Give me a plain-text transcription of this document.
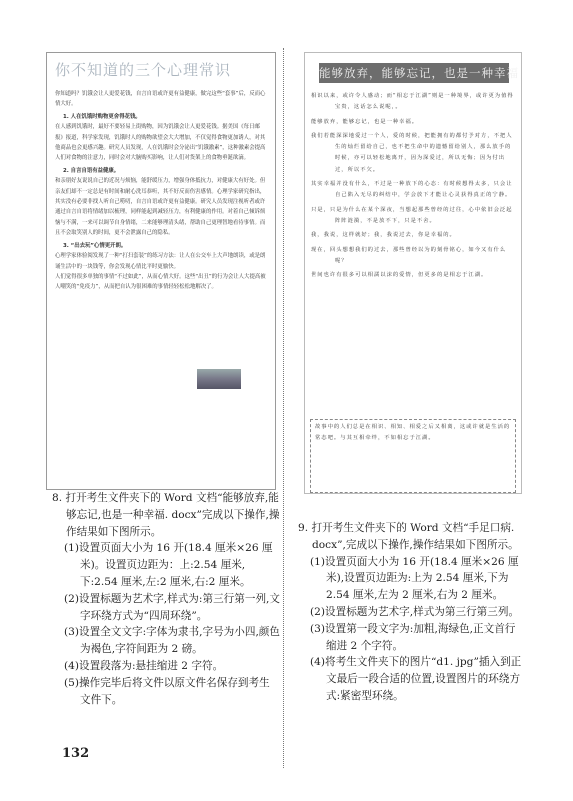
你不知道的三个心理常识
你知道吗？饥饿会让人更爱花钱，自言自语或许更有益健康，做完这些“套事”后，反而心情大好。
1. 人在饥饿时购物更舍得花钱。
在人感到饥饿时，最好不要轻易上街购物，因为饥饿会让人更爱花钱。据美国《每日邮报》报道，科学家发现，饥饿时人的购物欲望会大大增加，不仅觉得食物更加诱人，对其他商品也会更感兴趣。研究人员发现，人在饥饿时会分泌出“饥饿激素”，这种激素会提高人们对食物的注意力，同时会对大脑购买影响，让人们对货架上的食物垂涎欲滴。
2. 自言自语有益健康。
和亲朋好友说说自己的近况与烦恼，能舒缓压力，增强身体抵抗力，对健康大有好处。但亲友们却不一定总是有时间和耐心洗耳恭听，其不好反而伤害感情。心理学家研究指出，其实没有必要非找人听自己唠叨，自言自语或许更有益健康。研究人员发现注视听者或许通过自言自语将情绪加以梳理，同样能起到减轻压力，有利健康的作用。对着自己倾诉烦恼与不满，一来可以调节自身情绪，二来能够理清头绪，帮助自己更理智地看待事情。而且不会取笑别人的时间，更不会泄露自己的隐私。
3. “出去玩”心情更开朗。
心理学家体验阅发现了一种“打扫套装”的练习方法：让人在公交车上大声地朗读，或是朗诵生活中的一块钱等，你会发现心情比平时更愉快。
人们觉得很多单独的事情“不过如此”，从而心情大好。这些“出丑”的行为会让人大提高被人嘲笑的“免疫力”，从而把自认为很困难的事情轻轻松松地解决了。
能够放弃，能够忘记，也是一种幸福
相识以来，或许令人感动；而“相忘于江湖”则是一种境界，或许更为值得宝贵，这话怎么说呢，。
能够放弃，能够忘记，也是一种幸福。
我们若能深深地爱过一个人，爱的时候，把能拥有的都付予对方，不把人生的灿烂留给自己，也不把生命中的遗憾留给别人，那么放手的时候，亦可以轻松地离开，因为深爱过，所以无悔；因为付出过，所以不欠。
其实幸福并没有什么，不过是一种放下的心态：有时候想得太多，只会让自己陷入无尽的纠结中，学会放下才能让心灵获得真正的宁静。
只是，只是为什么在某个深夜，当想起那些曾经的过往，心中依旧会泛起阵阵涟漪，不是放不下，只是不舍。
我，我说，这样就好；我，我说过去，你是幸福的。
现在，回头想想我们的过去，那些曾经以为的刻骨铭心，如今又有什么呢？
世间也许有很多可以相濡以沫的爱情，但更多的是相忘于江湖。
故事中的人们总是在相识、相知、相爱之后又相离，这或许就是生活的常态吧。与其互相牵绊，不如相忘于江湖。
8. 打开考生文件夹下的 Word 文档“能够放弃,能够忘记,也是一种幸福. docx”完成以下操作,操作结果如下图所示。
(1)设置页面大小为 16 开(18.4 厘米×26 厘米)。设置页边距为：上:2.54 厘米,下:2.54 厘米,左:2 厘米,右:2 厘米。
(2)设置标题为艺术字,样式为:第三行第一列,文字环绕方式为“四周环绕”。
(3)设置全文文字:字体为隶书,字号为小四,颜色为褐色,字符间距为 2 磅。
(4)设置段落为:悬挂缩进 2 字符。
(5)操作完毕后将文件以原文件名保存到考生文件下。
9. 打开考生文件夹下的 Word 文档“手足口病. docx”,完成以下操作,操作结果如下图所示。
(1)设置页面大小为 16 开(18.4 厘米×26 厘米),设置页边距为:上为 2.54 厘米,下为 2.54 厘米,左为 2 厘米,右为 2 厘米。
(2)设置标题为艺术字,样式为第三行第三列。
(3)设置第一段文字为:加粗,海绿色,正文首行缩进 2 个字符。
(4)将考生文件夹下的图片“d1. jpg”插入到正文最后一段合适的位置,设置图片的环绕方式:紧密型环绕。
132
